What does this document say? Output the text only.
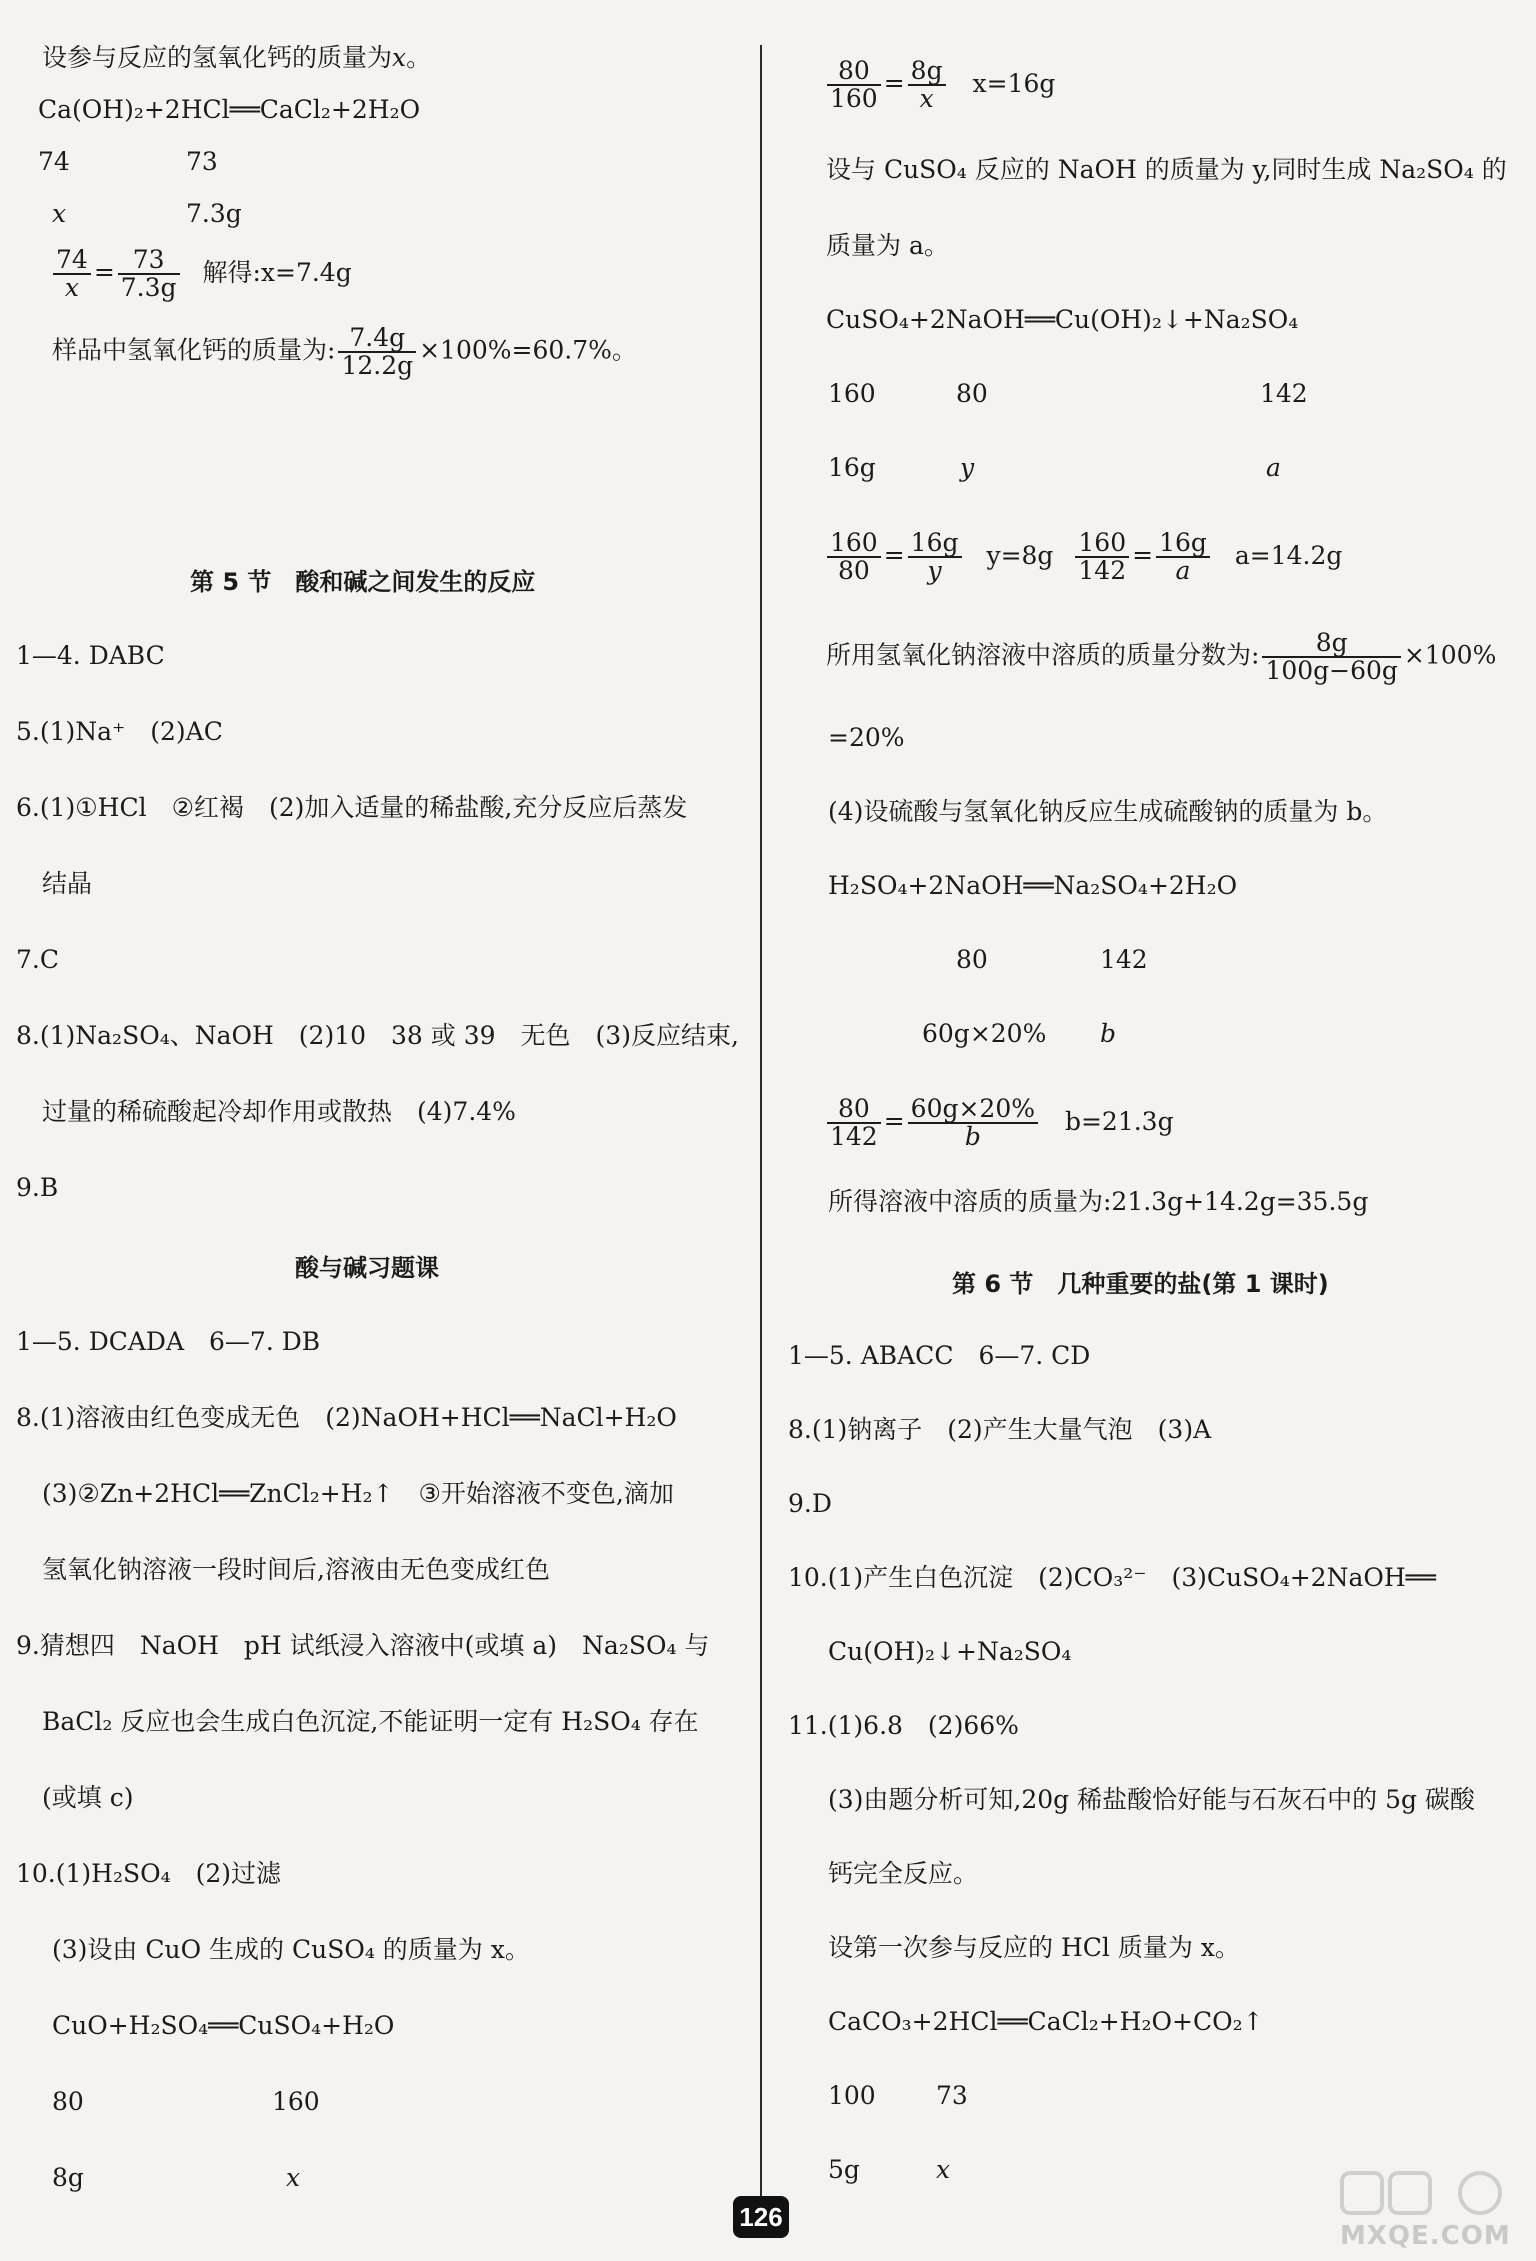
设参与反应的氢氧化钙的质量为x。
Ca(OH)₂+2HCl══CaCl₂+2H₂O
74	73
x	7.3g
$\frac{74}{x} = \frac{73}{7.3g}$ 解得:x=7.4g
样品中氢氧化钙的质量为: $\frac{7.4g}{12.2g} \times 100\%=60.7\%$。
第 5 节　酸和碱之间发生的反应
1—4. DABC
5.(1)Na⁺　(2)AC
6.(1)①HCl　②红褐　(2)加入适量的稀盐酸,充分反应后蒸发
结晶
7.C
8.(1)Na₂SO₄、NaOH　(2)10　38 或 39　无色　(3)反应结束,
过量的稀硫酸起冷却作用或散热　(4)7.4%
9.B
酸与碱习题课
1—5. DCADA　6—7. DB
8.(1)溶液由红色变成无色　(2)NaOH+HCl══NaCl+H₂O
(3)②Zn+2HCl══ZnCl₂+H₂↑　③开始溶液不变色,滴加
氢氧化钠溶液一段时间后,溶液由无色变成红色
9.猜想四　NaOH　pH 试纸浸入溶液中(或填 a)　Na₂SO₄ 与
BaCl₂ 反应也会生成白色沉淀,不能证明一定有 H₂SO₄ 存在
(或填 c)
10.(1)H₂SO₄　(2)过滤
(3)设由 CuO 生成的 CuSO₄ 的质量为 x。
CuO+H₂SO₄══CuSO₄+H₂O
80	160
8g	x
$\frac{80}{160} = \frac{8g}{x} x=16g$
设与 CuSO₄ 反应的 NaOH 的质量为 y,同时生成 Na₂SO₄ 的
质量为 a。
CuSO₄+2NaOH══Cu(OH)₂↓+Na₂SO₄
160	80	142
16g	y	a
$\frac{160}{80} = \frac{16g}{y} y=8g \frac{160}{142} = \frac{16g}{a} a=14.2g$
所用氢氧化钠溶液中溶质的质量分数为: $\frac{8g}{100g-60g} \times 100\%$
=20%
(4)设硫酸与氢氧化钠反应生成硫酸钠的质量为 b。
H₂SO₄+2NaOH══Na₂SO₄+2H₂O
80	142
60g×20% b
$\frac{80}{142} = \frac{60g\times 20\%}{b} b=21.3g$
所得溶液中溶质的质量为:21.3g+14.2g=35.5g
第 6 节　几种重要的盐(第 1 课时)
1—5. ABACC　6—7. CD
8.(1)钠离子　(2)产生大量气泡　(3)A
9.D
10.(1)产生白色沉淀　(2)CO₃²⁻　(3)CuSO₄+2NaOH══
Cu(OH)₂↓+Na₂SO₄
11.(1)6.8　(2)66%
(3)由题分析可知,20g 稀盐酸恰好能与石灰石中的 5g 碳酸
钙完全反应。
设第一次参与反应的 HCl 质量为 x。
CaCO₃+2HCl══CaCl₂+H₂O+CO₂↑
100 73
5g	x
126
MXQE.COM
